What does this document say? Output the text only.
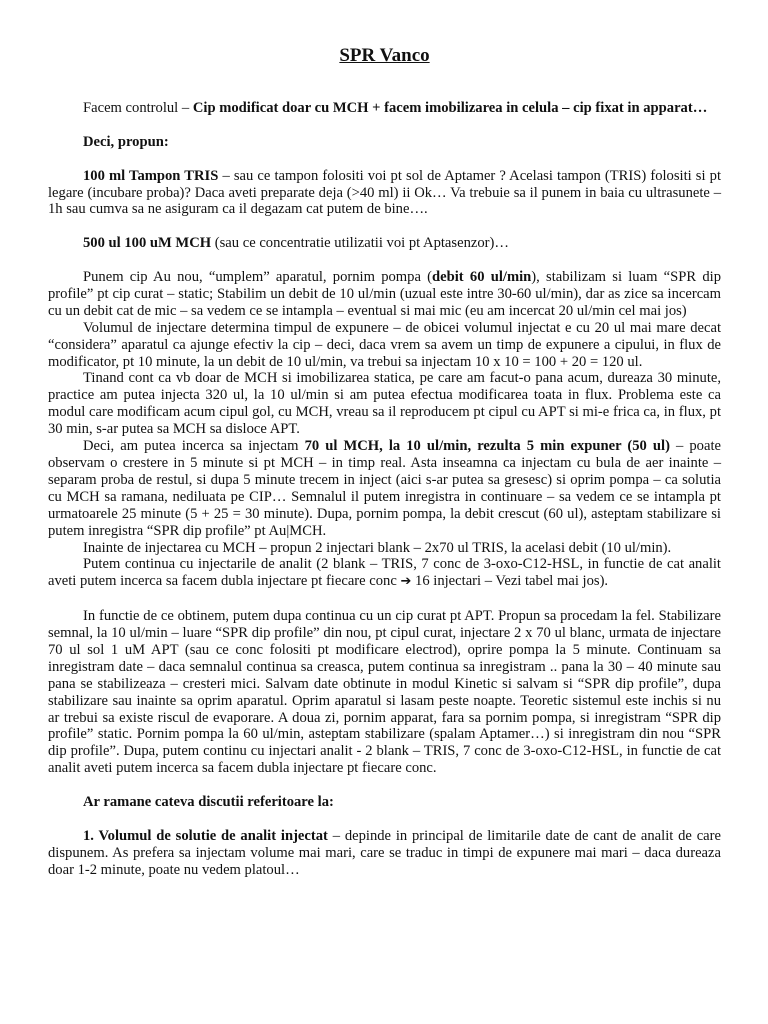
SPR Vanco

Facem controlul – Cip modificat doar cu MCH + facem imobilizarea in celula – cip fixat in apparat…

Deci, propun:

100 ml Tampon TRIS – sau ce tampon folositi voi pt sol de Aptamer ? Acelasi tampon (TRIS) folositi si pt legare (incubare proba)? Daca aveti preparate deja (>40 ml) ii Ok… Va trebuie sa il punem in baia cu ultrasunete – 1h sau cumva sa ne asiguram ca il degazam cat putem de bine….

500 ul 100 uM MCH (sau ce concentratie utilizatii voi pt Aptasenzor)…

Punem cip Au nou, “umplem” aparatul, pornim pompa (debit 60 ul/min), stabilizam si luam “SPR dip profile” pt cip curat – static; Stabilim un debit de 10 ul/min (uzual este intre 30-60 ul/min), dar as zice sa incercam cu un debit cat de mic – sa vedem ce se intampla – eventual si mai mic (eu am incercat 20 ul/min cel mai jos)

Volumul de injectare determina timpul de expunere – de obicei volumul injectat e cu 20 ul mai mare decat “considera” aparatul ca ajunge efectiv la cip – deci, daca vrem sa avem un timp de expunere a cipului, in flux de modificator, pt 10 minute, la un debit de 10 ul/min, va trebui sa injectam 10 x 10 = 100 + 20 = 120 ul.

Tinand cont ca vb doar de MCH si imobilizarea statica, pe care am facut-o pana acum, dureaza 30 minute, practice am putea injecta 320 ul, la 10 ul/min si am putea efectua modificarea toata in flux. Problema este ca modul care modificam acum cipul gol, cu MCH, vreau sa il reproducem pt cipul cu APT si mi-e frica ca, in flux, pt 30 min, s-ar putea sa MCH sa disloce APT.

Deci, am putea incerca sa injectam 70 ul MCH, la 10 ul/min, rezulta 5 min expuner (50 ul) – poate observam o crestere in 5 minute si pt MCH – in timp real. Asta inseamna ca injectam cu bula de aer inainte – separam proba de restul, si dupa 5 minute trecem in inject (aici s-ar putea sa gresesc) si oprim pompa – ca solutia cu MCH sa ramana, nediluata pe CIP… Semnalul il putem inregistra in continuare – sa vedem ce se intampla pt urmatoarele 25 minute (5 + 25 = 30 minute). Dupa, pornim pompa, la debit crescut (60 ul), asteptam stabilizare si putem inregistra “SPR dip profile” pt Au|MCH.

Inainte de injectarea cu MCH – propun 2 injectari blank – 2x70 ul TRIS, la acelasi debit (10 ul/min).

Putem continua cu injectarile de analit (2 blank – TRIS, 7 conc de 3-oxo-C12-HSL, in functie de cat analit aveti putem incerca sa facem dubla injectare pt fiecare conc ➔ 16 injectari – Vezi tabel mai jos).

In functie de ce obtinem, putem dupa continua cu un cip curat pt APT. Propun sa procedam la fel. Stabilizare semnal, la 10 ul/min – luare “SPR dip profile” din nou, pt cipul curat, injectare 2 x 70 ul blanc, urmata de injectare 70 ul sol 1 uM APT (sau ce conc folositi pt modificare electrod), oprire pompa la 5 minute. Continuam sa inregistram date – daca semnalul continua sa creasca, putem continua sa inregistram .. pana la 30 – 40 minute sau pana se stabilizeaza – cresteri mici. Salvam date obtinute in modul Kinetic si salvam si “SPR dip profile”, dupa stabilizare sau inainte sa oprim aparatul. Oprim aparatul si lasam peste noapte. Teoretic sistemul este inchis si nu ar trebui sa existe riscul de evaporare. A doua zi, pornim apparat, fara sa pornim pompa, si inregistram “SPR dip profile” static. Pornim pompa la 60 ul/min, asteptam stabilizare (spalam Aptamer…) si inregistram din nou “SPR dip profile”. Dupa, putem continu cu injectari analit - 2 blank – TRIS, 7 conc de 3-oxo-C12-HSL, in functie de cat analit aveti putem incerca sa facem dubla injectare pt fiecare conc.

Ar ramane cateva discutii referitoare la:

1. Volumul de solutie de analit injectat – depinde in principal de limitarile date de cant de analit de care dispunem. As prefera sa injectam volume mai mari, care se traduc in timpi de expunere mai mari – daca dureaza doar 1-2 minute, poate nu vedem platoul…
